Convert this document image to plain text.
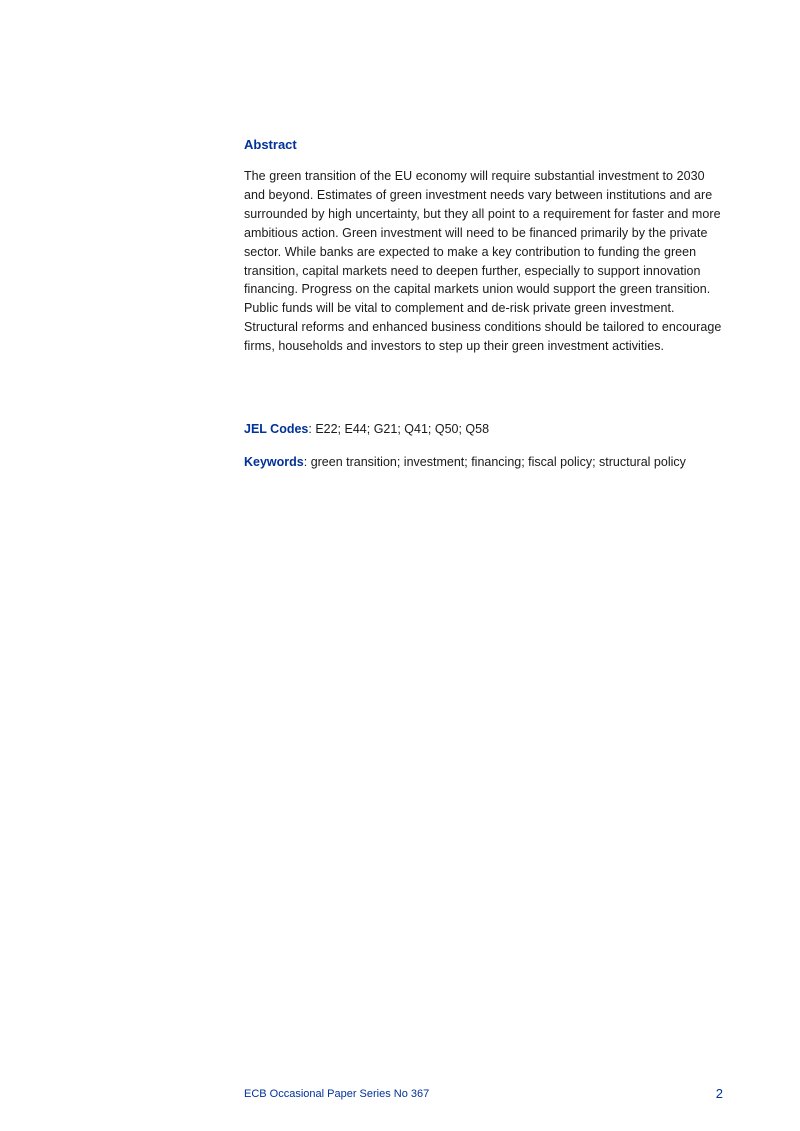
Abstract

The green transition of the EU economy will require substantial investment to 2030 and beyond. Estimates of green investment needs vary between institutions and are surrounded by high uncertainty, but they all point to a requirement for faster and more ambitious action. Green investment will need to be financed primarily by the private sector. While banks are expected to make a key contribution to funding the green transition, capital markets need to deepen further, especially to support innovation financing. Progress on the capital markets union would support the green transition. Public funds will be vital to complement and de-risk private green investment. Structural reforms and enhanced business conditions should be tailored to encourage firms, households and investors to step up their green investment activities.

JEL Codes: E22; E44; G21; Q41; Q50; Q58

Keywords: green transition; investment; financing; fiscal policy; structural policy

ECB Occasional Paper Series No 367	2
